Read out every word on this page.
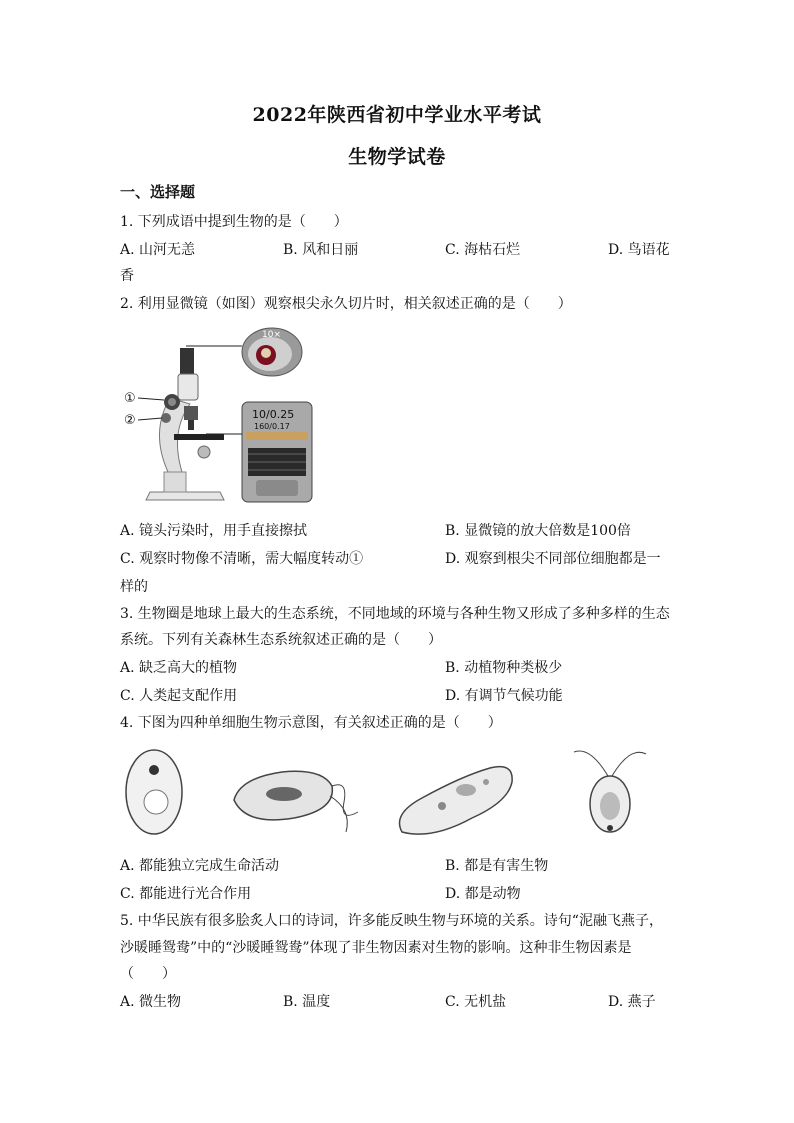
2022年陕西省初中学业水平考试
生物学试卷
一、选择题
1. 下列成语中提到生物的是（　　）
A. 山河无恙	B. 风和日丽	C. 海枯石烂	D. 鸟语花
香
2. 利用显微镜（如图）观察根尖永久切片时，相关叙述正确的是（　　）
10×
10/0.25
160/0.17
①
②
A. 镜头污染时，用手直接擦拭	B. 显微镜的放大倍数是100倍
C. 观察时物像不清晰，需大幅度转动①	D. 观察到根尖不同部位细胞都是一
样的
3. 生物圈是地球上最大的生态系统，不同地域的环境与各种生物又形成了多种多样的生态
系统。下列有关森林生态系统叙述正确的是（　　）
A. 缺乏高大的植物	B. 动植物种类极少
C. 人类起支配作用	D. 有调节气候功能
4. 下图为四种单细胞生物示意图，有关叙述正确的是（　　）
A. 都能独立完成生命活动	B. 都是有害生物
C. 都能进行光合作用	D. 都是动物
5. 中华民族有很多脍炙人口的诗词，许多能反映生物与环境的关系。诗句“泥融飞燕子，
沙暖睡鸳鸯”中的“沙暖睡鸳鸯”体现了非生物因素对生物的影响。这种非生物因素是
（　　）
A. 微生物	B. 温度	C. 无机盐	D. 燕子
